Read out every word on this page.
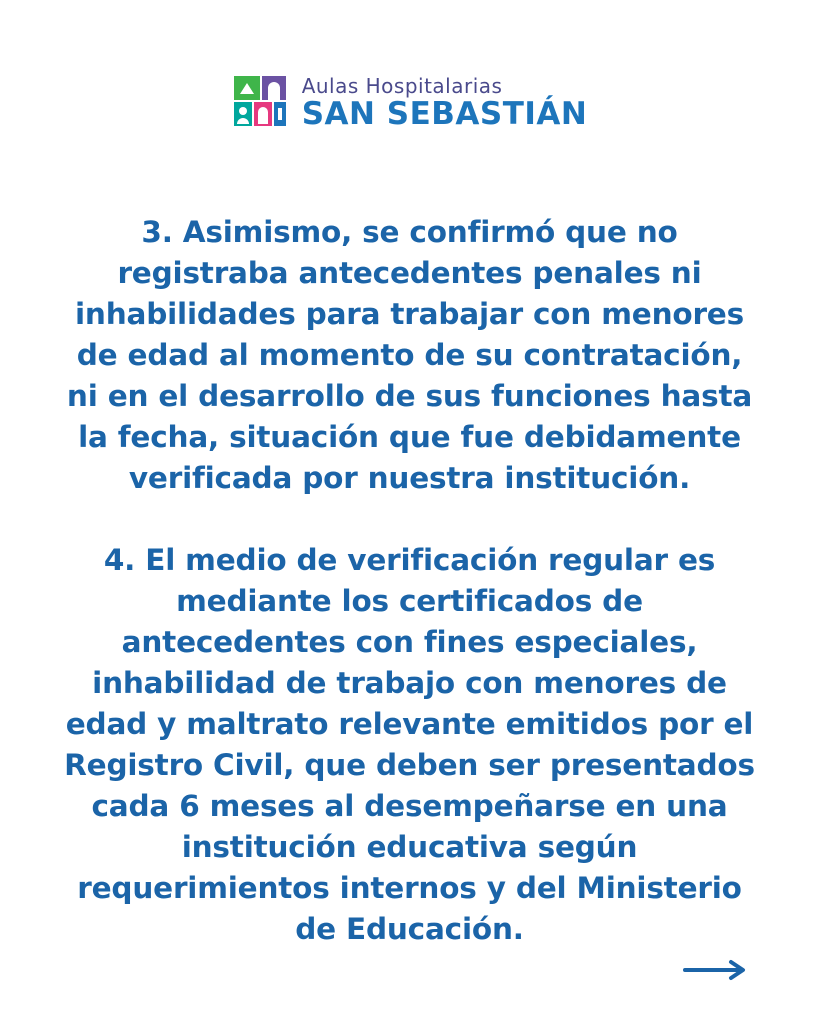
Aulas Hospitalarias
SAN SEBASTIÁN

3. Asimismo, se confirmó que no registraba antecedentes penales ni inhabilidades para trabajar con menores de edad al momento de su contratación, ni en el desarrollo de sus funciones hasta la fecha, situación que fue debidamente verificada por nuestra institución.

4. El medio de verificación regular es mediante los certificados de antecedentes con fines especiales, inhabilidad de trabajo con menores de edad y maltrato relevante emitidos por el Registro Civil, que deben ser presentados cada 6 meses al desempeñarse en una institución educativa según requerimientos internos y del Ministerio de Educación.
